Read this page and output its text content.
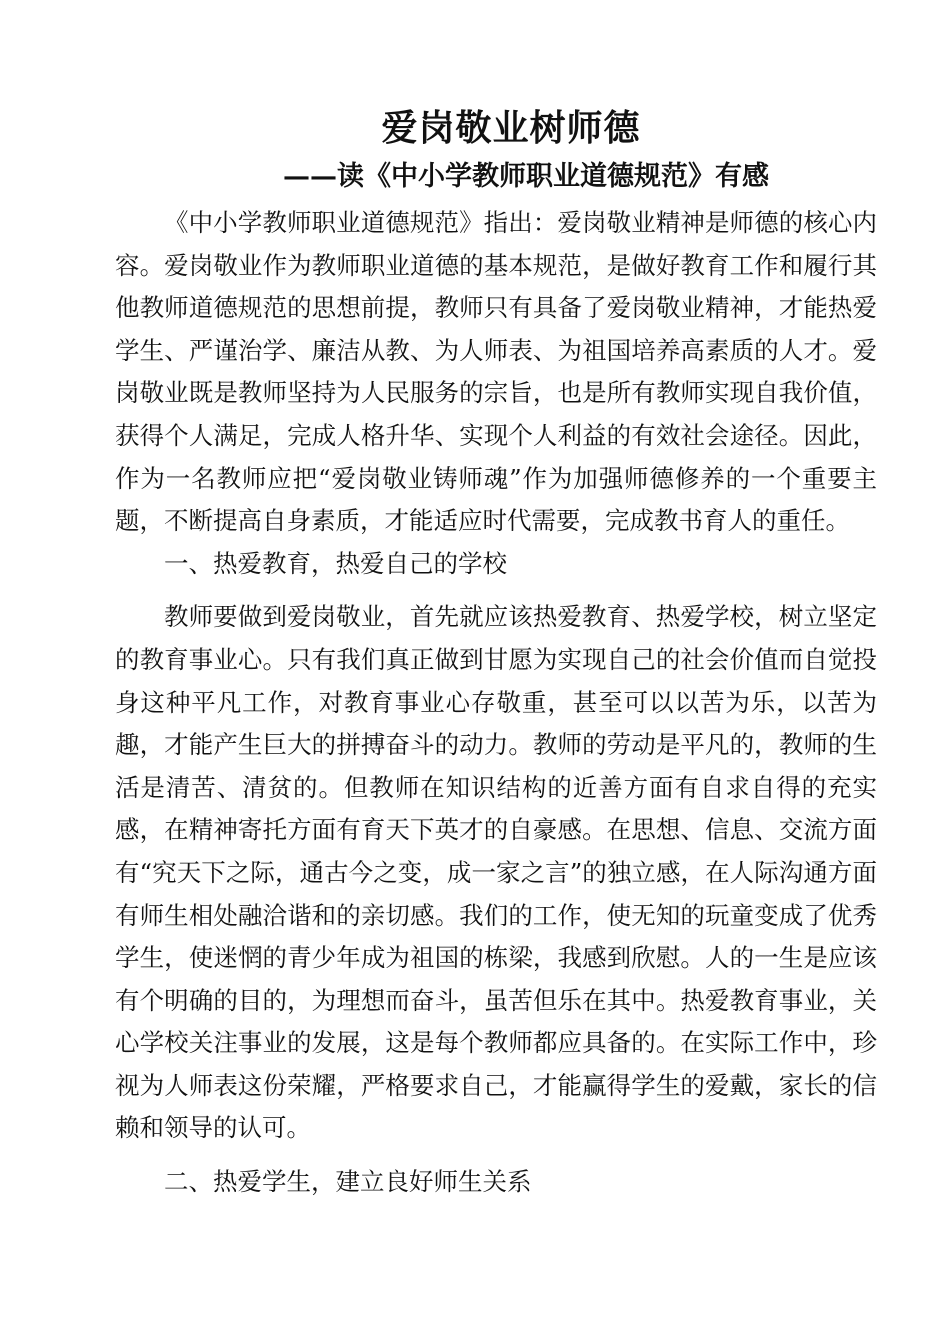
爱岗敬业树师德
——读《中小学教师职业道德规范》有感

《中小学教师职业道德规范》指出：爱岗敬业精神是师德的核心内容。爱岗敬业作为教师职业道德的基本规范，是做好教育工作和履行其他教师道德规范的思想前提，教师只有具备了爱岗敬业精神，才能热爱学生、严谨治学、廉洁从教、为人师表、为祖国培养高素质的人才。爱岗敬业既是教师坚持为人民服务的宗旨，也是所有教师实现自我价值，获得个人满足，完成人格升华、实现个人利益的有效社会途径。因此，作为一名教师应把“爱岗敬业铸师魂”作为加强师德修养的一个重要主题，不断提高自身素质，才能适应时代需要，完成教书育人的重任。

一、热爱教育，热爱自己的学校

教师要做到爱岗敬业，首先就应该热爱教育、热爱学校，树立坚定的教育事业心。只有我们真正做到甘愿为实现自己的社会价值而自觉投身这种平凡工作，对教育事业心存敬重，甚至可以以苦为乐，以苦为趣，才能产生巨大的拼搏奋斗的动力。教师的劳动是平凡的，教师的生活是清苦、清贫的。但教师在知识结构的近善方面有自求自得的充实感，在精神寄托方面有育天下英才的自豪感。在思想、信息、交流方面有“究天下之际，通古今之变，成一家之言”的独立感，在人际沟通方面有师生相处融洽谐和的亲切感。我们的工作，使无知的玩童变成了优秀学生，使迷惘的青少年成为祖国的栋梁，我感到欣慰。人的一生是应该有个明确的目的，为理想而奋斗，虽苦但乐在其中。热爱教育事业，关心学校关注事业的发展，这是每个教师都应具备的。在实际工作中，珍视为人师表这份荣耀，严格要求自己，才能赢得学生的爱戴，家长的信赖和领导的认可。

二、热爱学生，建立良好师生关系
